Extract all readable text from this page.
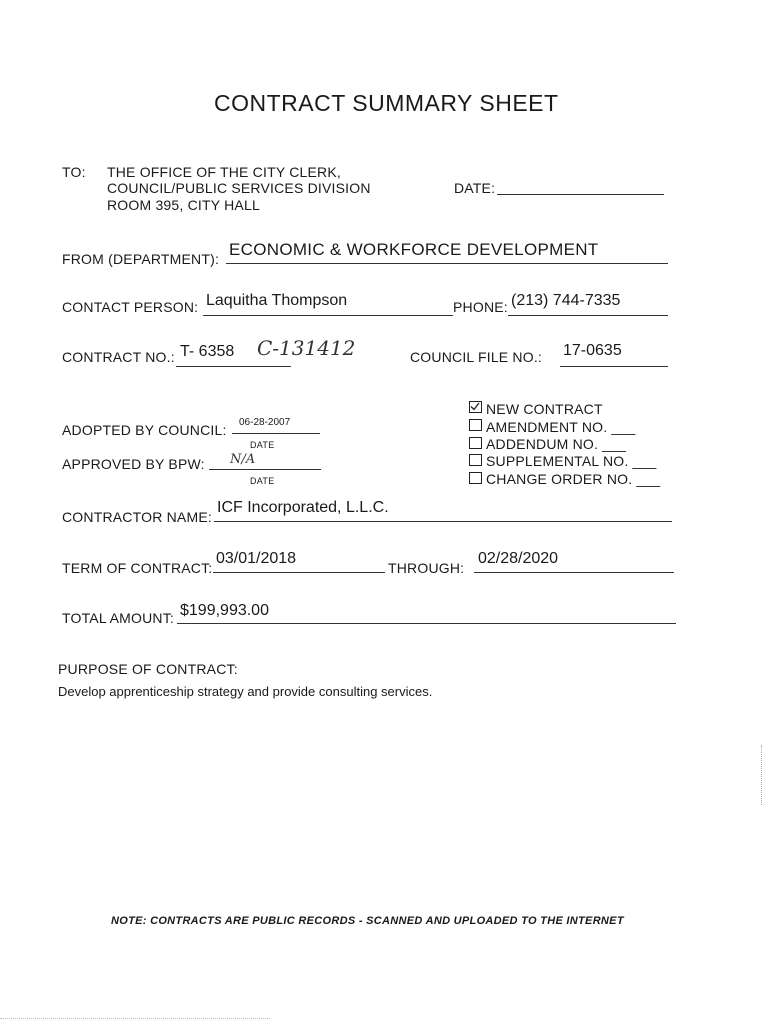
CONTRACT SUMMARY SHEET
TO: THE OFFICE OF THE CITY CLERK,
COUNCIL/PUBLIC SERVICES DIVISION
ROOM 395, CITY HALL
DATE:
FROM (DEPARTMENT): ECONOMIC & WORKFORCE DEVELOPMENT
CONTACT PERSON: Laquitha Thompson	PHONE: (213) 744-7335
CONTRACT NO.: T- 6358 C-131412	COUNCIL FILE NO.: 17-0635
ADOPTED BY COUNCIL: 06-28-2007
DATE
APPROVED BY BPW: N/A
DATE
NEW CONTRACT
AMENDMENT NO. ___
ADDENDUM NO. ___
SUPPLEMENTAL NO. ___
CHANGE ORDER NO. ___
CONTRACTOR NAME:
ICF Incorporated, L.L.C.
TERM OF CONTRACT:
03/01/2018
THROUGH:
02/28/2020
TOTAL AMOUNT: $199,993.00
PURPOSE OF CONTRACT:
Develop apprenticeship strategy and provide consulting services.
NOTE: CONTRACTS ARE PUBLIC RECORDS - SCANNED AND UPLOADED TO THE INTERNET
